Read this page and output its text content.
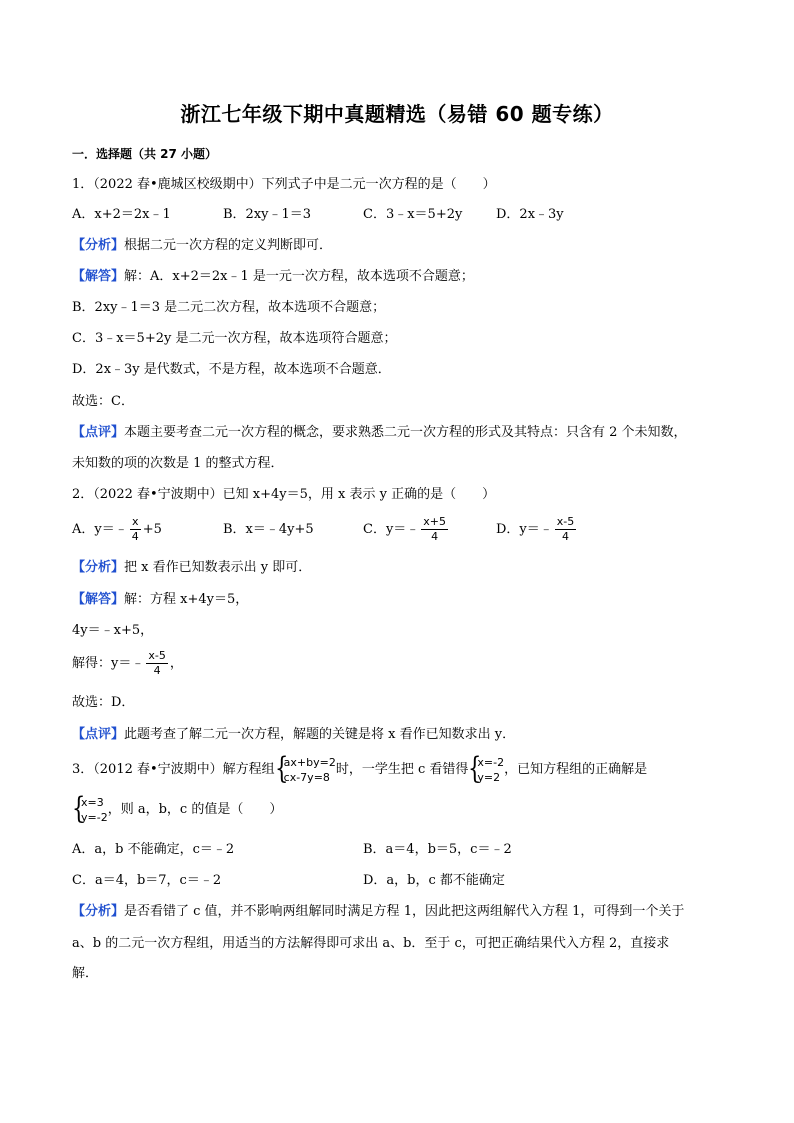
浙江七年级下期中真题精选（易错 60 题专练）
一．选择题（共 27 小题）
1．（2022 春•鹿城区校级期中）下列式子中是二元一次方程的是（　　）
A．x+2＝2x﹣1	B．2xy﹣1＝3	C．3﹣x＝5+2y	D．2x﹣3y
【分析】根据二元一次方程的定义判断即可．
【解答】解：A．x+2＝2x﹣1 是一元一次方程，故本选项不合题意；
B．2xy﹣1＝3 是二元二次方程，故本选项不合题意；
C．3﹣x＝5+2y 是二元一次方程，故本选项符合题意；
D．2x﹣3y 是代数式，不是方程，故本选项不合题意．
故选：C．
【点评】本题主要考查二元一次方程的概念，要求熟悉二元一次方程的形式及其特点：只含有 2 个未知数，
未知数的项的次数是 1 的整式方程．
2．（2022 春•宁波期中）已知 x+4y＝5，用 x 表示 y 正确的是（　　）
A．y＝﹣ $\frac{x}{4} +5$	B．x＝﹣4y+5	C．y＝﹣ $\frac{x+5}{4}$	D．y＝﹣ $\frac{x-5}{4}$
【分析】把 x 看作已知数表示出 y 即可．
【解答】解：方程 x+4y＝5，
4y＝﹣x+5，
解得：y＝﹣ $\frac{x-5}{4}$ ，
故选：D．
【点评】此题考查了解二元一次方程，解题的关键是将 x 看作已知数求出 y．
3．（2012 春•宁波期中）解方程组 {
ax+by=2
cx-7y=8 时，一学生把 c 看错得 {
x=-2
y=2 ，已知方程组的正确解是
{
x=3
y=-2 ，则 a，b，c 的值是（　　）
A．a，b 不能确定，c＝﹣2	B．a＝4，b＝5，c＝﹣2
C．a＝4，b＝7，c＝﹣2	D．a，b，c 都不能确定
【分析】是否看错了 c 值，并不影响两组解同时满足方程 1，因此把这两组解代入方程 1，可得到一个关于
a、b 的二元一次方程组，用适当的方法解得即可求出 a、b．至于 c，可把正确结果代入方程 2，直接求
解．
